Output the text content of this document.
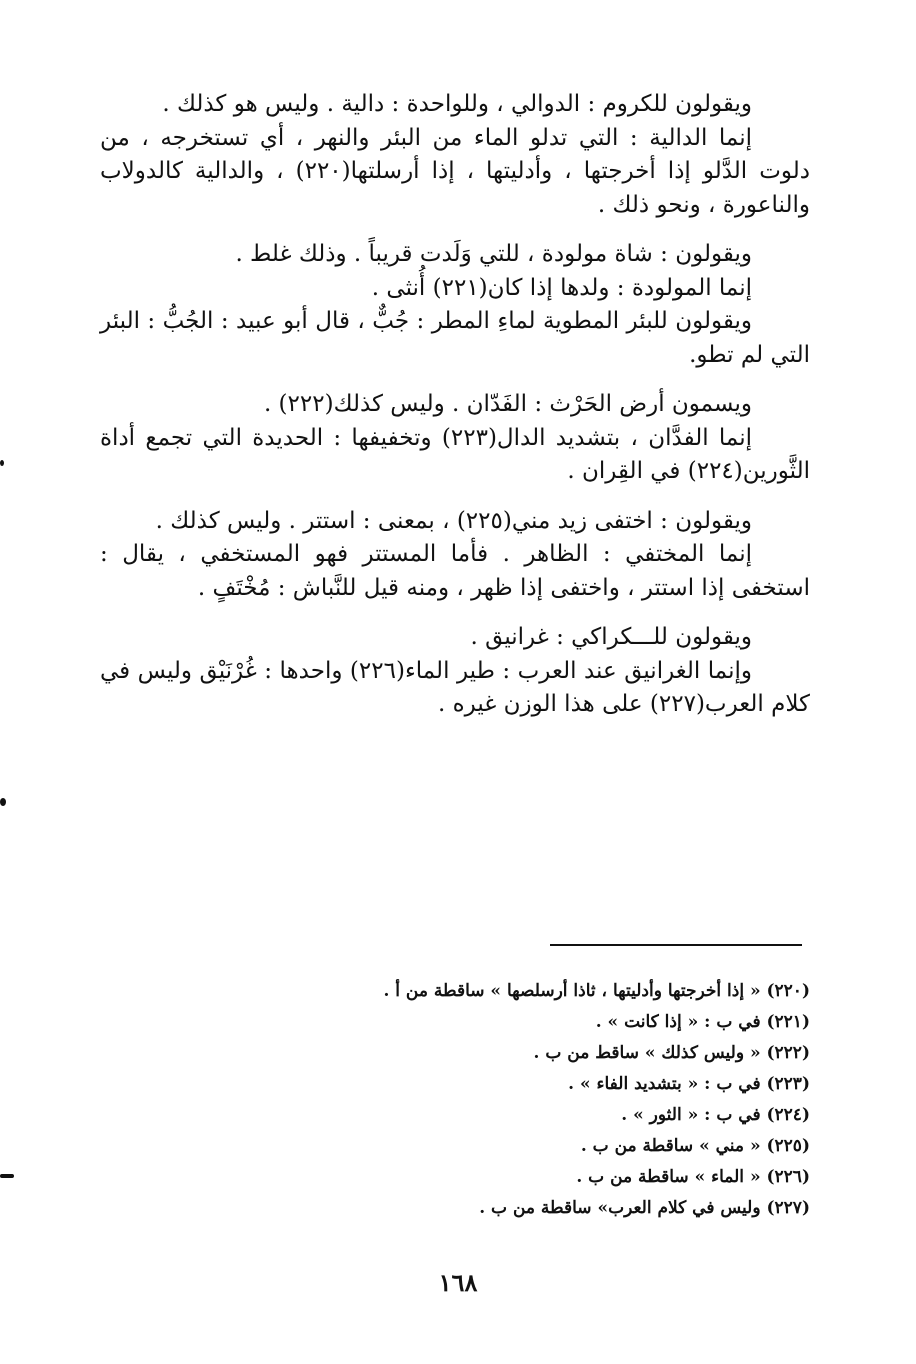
ويقولون للكروم : الدوالي ، وللواحدة : دالية . وليس هو كذلك .

إنما الدالية : التي تدلو الماء من البئر والنهر ، أي تستخرجه ، من دلوت الدَّلو إذا أخرجتها ، وأدليتها ، إذا أرسلتها(٢٢٠) ، والدالية كالدولاب والناعورة ، ونحو ذلك .

ويقولون : شاة مولودة ، للتي وَلَدت قريباً . وذلك غلط .

إنما المولودة : ولدها إذا كان(٢٢١) أُنثى .

ويقولون للبئر المطوية لماءِ المطر : جُبٌّ ، قال أبو عبيد : الجُبُّ : البئر التي لم تطو.

ويسمون أرض الحَرْث : الفَدّان . وليس كذلك(٢٢٢) .

إنما الفدَّان ، بتشديد الدال(٢٢٣) وتخفيفها : الحديدة التي تجمع أداة الثَّورين(٢٢٤) في القِران .

ويقولون : اختفى زيد مني(٢٢٥) ، بمعنى : استتر . وليس كذلك .

إنما المختفي : الظاهر . فأما المستتر فهو المستخفي ، يقال : استخفى إذا استتر ، واختفى إذا ظهر ، ومنه قيل للنَّباش : مُخْتَفٍ .

ويقولون للـــكراكي : غرانيق .

وإنما الغرانيق عند العرب : طير الماء(٢٢٦) واحدها : غُرْنَيْق وليس في كلام العرب(٢٢٧) على هذا الوزن غيره .

(٢٢٠) « إذا أخرجتها وأدليتها ، ثاذا أرسلصها » ساقطة من أ .
(٢٢١) في ب : « إذا كانت » .
(٢٢٢) « وليس كذلك » ساقط من ب .
(٢٢٣) في ب : « بتشديد الفاء » .
(٢٢٤) في ب : « الثور » .
(٢٢٥) « مني » ساقطة من ب .
(٢٢٦) « الماء » ساقطة من ب .
(٢٢٧) وليس في كلام العرب» ساقطة من ب .
١٦٨
